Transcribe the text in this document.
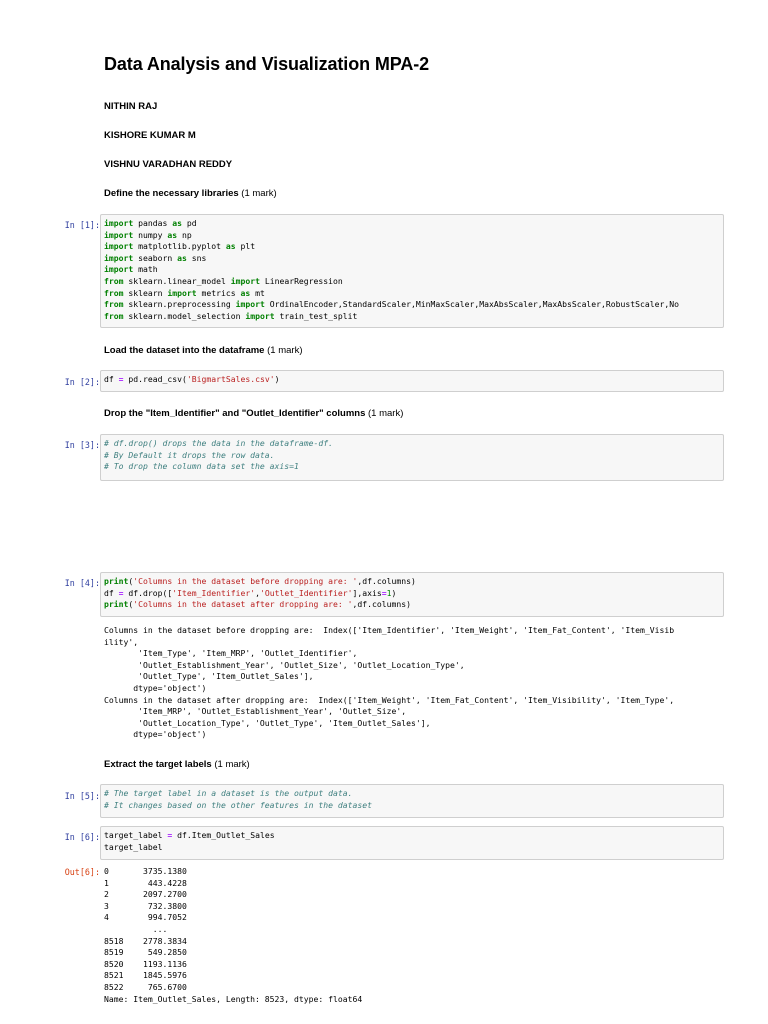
Data Analysis and Visualization MPA-2

NITHIN RAJ

KISHORE KUMAR M

VISHNU VARADHAN REDDY

Define the necessary libraries (1 mark)

In [1]: import pandas as pd
import numpy as np
import matplotlib.pyplot as plt
import seaborn as sns
import math
from sklearn.linear_model import LinearRegression
from sklearn import metrics as mt
from sklearn.preprocessing import OrdinalEncoder,StandardScaler,MinMaxScaler,MaxAbsScaler,MaxAbsScaler,RobustScaler,No
from sklearn.model_selection import train_test_split

Load the dataset into the dataframe (1 mark)

In [2]: df = pd.read_csv('BigmartSales.csv')

Drop the "Item_Identifier" and "Outlet_Identifier" columns (1 mark)

In [3]: # df.drop() drops the data in the dataframe-df.
# By Default it drops the row data.
# To drop the column data set the axis=1
In [4]: print('Columns in the dataset before dropping are: ',df.columns)
df = df.drop(['Item_Identifier','Outlet_Identifier'],axis=1)
print('Columns in the dataset after dropping are: ',df.columns)
Columns in the dataset before dropping are:  Index(['Item_Identifier', 'Item_Weight', 'Item_Fat_Content', 'Item_Visib
ility',
'Item_Type', 'Item_MRP', 'Outlet_Identifier',
'Outlet_Establishment_Year', 'Outlet_Size', 'Outlet_Location_Type',
'Outlet_Type', 'Item_Outlet_Sales'],
dtype='object')
Columns in the dataset after dropping are:  Index(['Item_Weight', 'Item_Fat_Content', 'Item_Visibility', 'Item_Type',
'Item_MRP', 'Outlet_Establishment_Year', 'Outlet_Size',
'Outlet_Location_Type', 'Outlet_Type', 'Item_Outlet_Sales'],
dtype='object')

Extract the target labels (1 mark)

In [5]: # The target label in a dataset is the output data.
# It changes based on the other features in the dataset
In [6]: target_label = df.Item_Outlet_Sales
target_label
Out[6]: 0       3735.1380
1        443.4228
2       2097.2700
3        732.3800
4        994.7052
...
8518    2778.3834
8519     549.2850
8520    1193.1136
8521    1845.5976
8522     765.6700
Name: Item_Outlet_Sales, Length: 8523, dtype: float64
